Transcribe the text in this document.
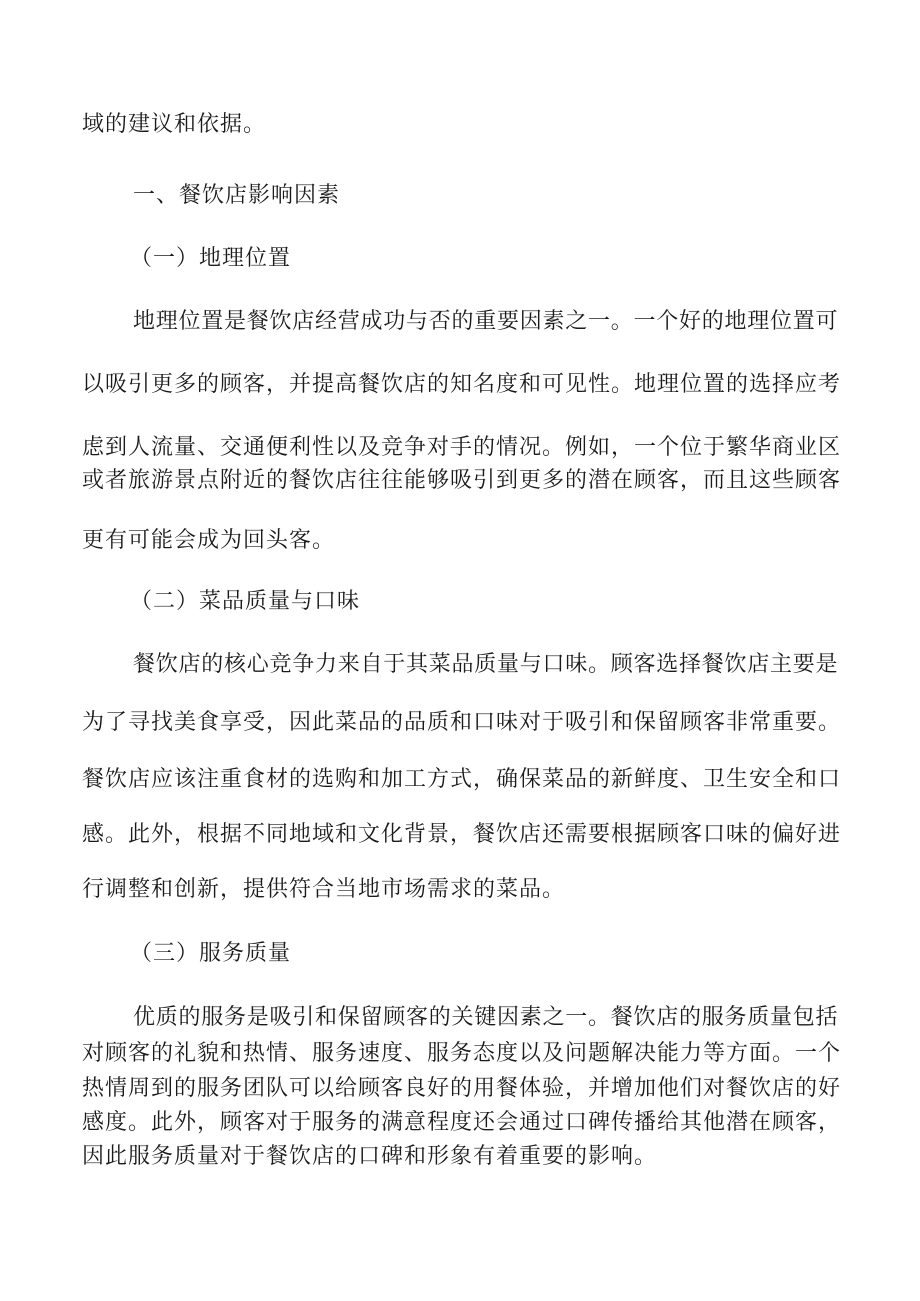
域的建议和依据。
一、餐饮店影响因素
（一）地理位置
地理位置是餐饮店经营成功与否的重要因素之一。一个好的地理位置可
以吸引更多的顾客，并提高餐饮店的知名度和可见性。地理位置的选择应考
虑到人流量、交通便利性以及竞争对手的情况。例如，一个位于繁华商业区
或者旅游景点附近的餐饮店往往能够吸引到更多的潜在顾客，而且这些顾客
更有可能会成为回头客。
（二）菜品质量与口味
餐饮店的核心竞争力来自于其菜品质量与口味。顾客选择餐饮店主要是
为了寻找美食享受，因此菜品的品质和口味对于吸引和保留顾客非常重要。
餐饮店应该注重食材的选购和加工方式，确保菜品的新鲜度、卫生安全和口
感。此外，根据不同地域和文化背景，餐饮店还需要根据顾客口味的偏好进
行调整和创新，提供符合当地市场需求的菜品。
（三）服务质量
优质的服务是吸引和保留顾客的关键因素之一。餐饮店的服务质量包括
对顾客的礼貌和热情、服务速度、服务态度以及问题解决能力等方面。一个
热情周到的服务团队可以给顾客良好的用餐体验，并增加他们对餐饮店的好
感度。此外，顾客对于服务的满意程度还会通过口碑传播给其他潜在顾客，
因此服务质量对于餐饮店的口碑和形象有着重要的影响。
